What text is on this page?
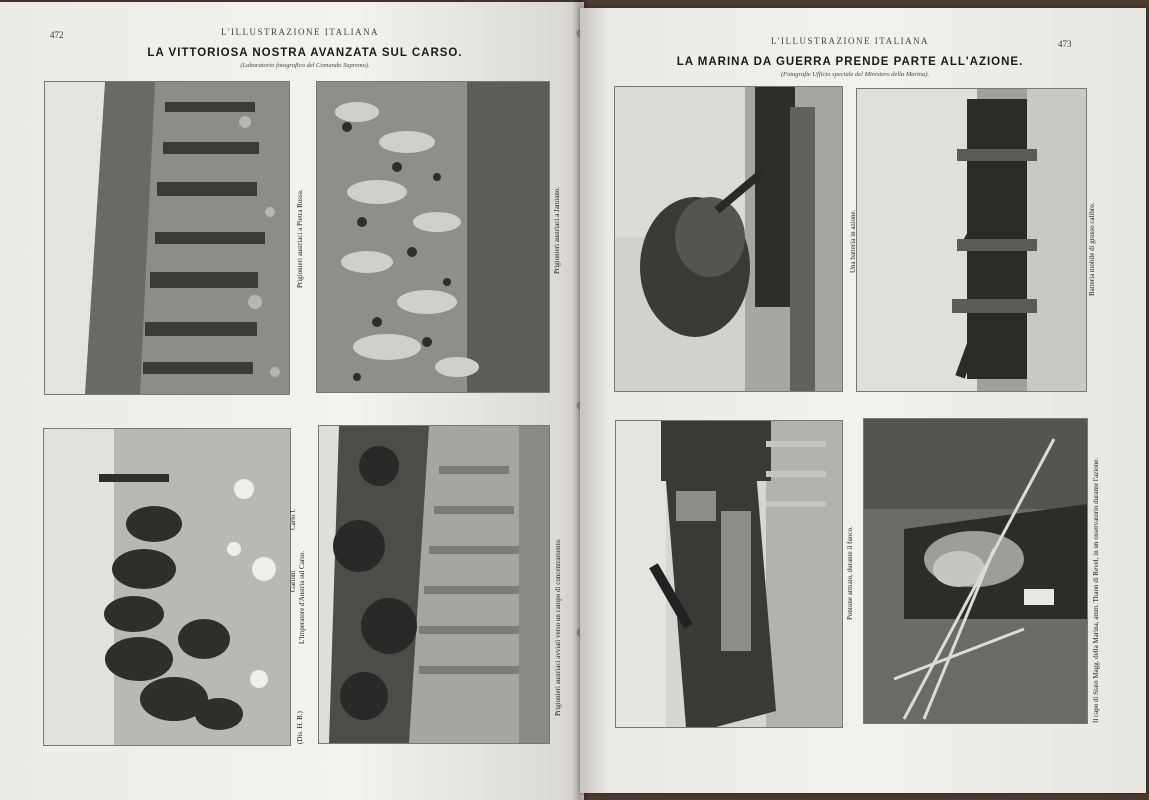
472	L'ILLUSTRAZIONE ITALIANA
LA VITTORIOSA NOSTRA AVANZATA SUL CARSO.
(Laboratorio fotografico del Comando Supremo).
Prigionieri austriaci a Pietra Rossa.	Prigionieri austriaci a Jamiano.
L'Imperatore d'Austria sul Carso.
Carlo I.
(Dis. H. B.)
Garioni	Prigionieri austriaci avviati verso un campo di concentramento.
L'ILLUSTRAZIONE ITALIANA	473
LA MARINA DA GUERRA PRENDE PARTE ALL'AZIONE.
(Fotografie Ufficio speciale del Ministero della Marina).
Una batteria in azione.	Batteria mobile di grosso calibro.
Pontone armato, durante il fuoco.	Il capo di Stato Magg. della Marina, amm. Thaon di Revel, in un osservatorio durante l'azione.
